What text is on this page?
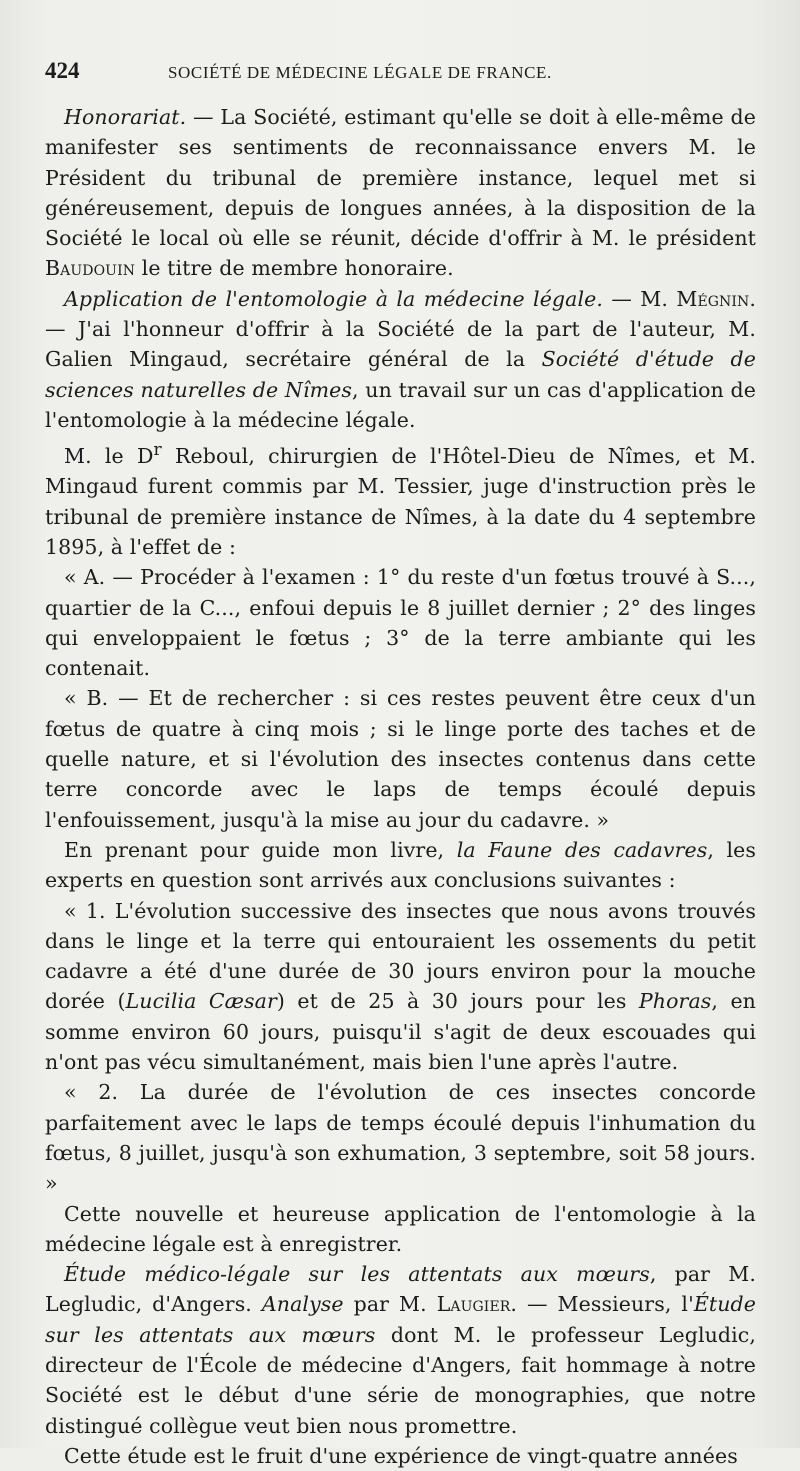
424	SOCIÉTÉ DE MÉDECINE LÉGALE DE FRANCE.

Honorariat. — La Société, estimant qu'elle se doit à elle-même de manifester ses sentiments de reconnaissance envers M. le Président du tribunal de première instance, lequel met si généreusement, depuis de longues années, à la disposition de la Société le local où elle se réunit, décide d'offrir à M. le président Baudouin le titre de membre honoraire.

Application de l'entomologie à la médecine légale. — M. Mégnin. — J'ai l'honneur d'offrir à la Société de la part de l'auteur, M. Galien Mingaud, secrétaire général de la Société d'étude de sciences naturelles de Nîmes, un travail sur un cas d'application de l'entomologie à la médecine légale.

M. le $D^r$ Reboul, chirurgien de l'Hôtel-Dieu de Nîmes, et M. Mingaud furent commis par M. Tessier, juge d'instruction près le tribunal de première instance de Nîmes, à la date du 4 septembre 1895, à l'effet de :

« A. — Procéder à l'examen : 1° du reste d'un fœtus trouvé à S..., quartier de la C..., enfoui depuis le 8 juillet dernier ; 2° des linges qui enveloppaient le fœtus ; 3° de la terre ambiante qui les contenait.

« B. — Et de rechercher : si ces restes peuvent être ceux d'un fœtus de quatre à cinq mois ; si le linge porte des taches et de quelle nature, et si l'évolution des insectes contenus dans cette terre concorde avec le laps de temps écoulé depuis l'enfouissement, jusqu'à la mise au jour du cadavre. »

En prenant pour guide mon livre, la Faune des cadavres, les experts en question sont arrivés aux conclusions suivantes :

« 1. L'évolution successive des insectes que nous avons trouvés dans le linge et la terre qui entouraient les ossements du petit cadavre a été d'une durée de 30 jours environ pour la mouche dorée (Lucilia Cæsar) et de 25 à 30 jours pour les Phoras, en somme environ 60 jours, puisqu'il s'agit de deux escouades qui n'ont pas vécu simultanément, mais bien l'une après l'autre.

« 2. La durée de l'évolution de ces insectes concorde parfaitement avec le laps de temps écoulé depuis l'inhumation du fœtus, 8 juillet, jusqu'à son exhumation, 3 septembre, soit 58 jours. »

Cette nouvelle et heureuse application de l'entomologie à la médecine légale est à enregistrer.

Étude médico-légale sur les attentats aux mœurs, par M. Legludic, d'Angers. Analyse par M. Laugier. — Messieurs, l'Étude sur les attentats aux mœurs dont M. le professeur Legludic, directeur de l'École de médecine d'Angers, fait hommage à notre Société est le début d'une série de monographies, que notre distingué collègue veut bien nous promettre.

Cette étude est le fruit d'une expérience de vingt-quatre années
